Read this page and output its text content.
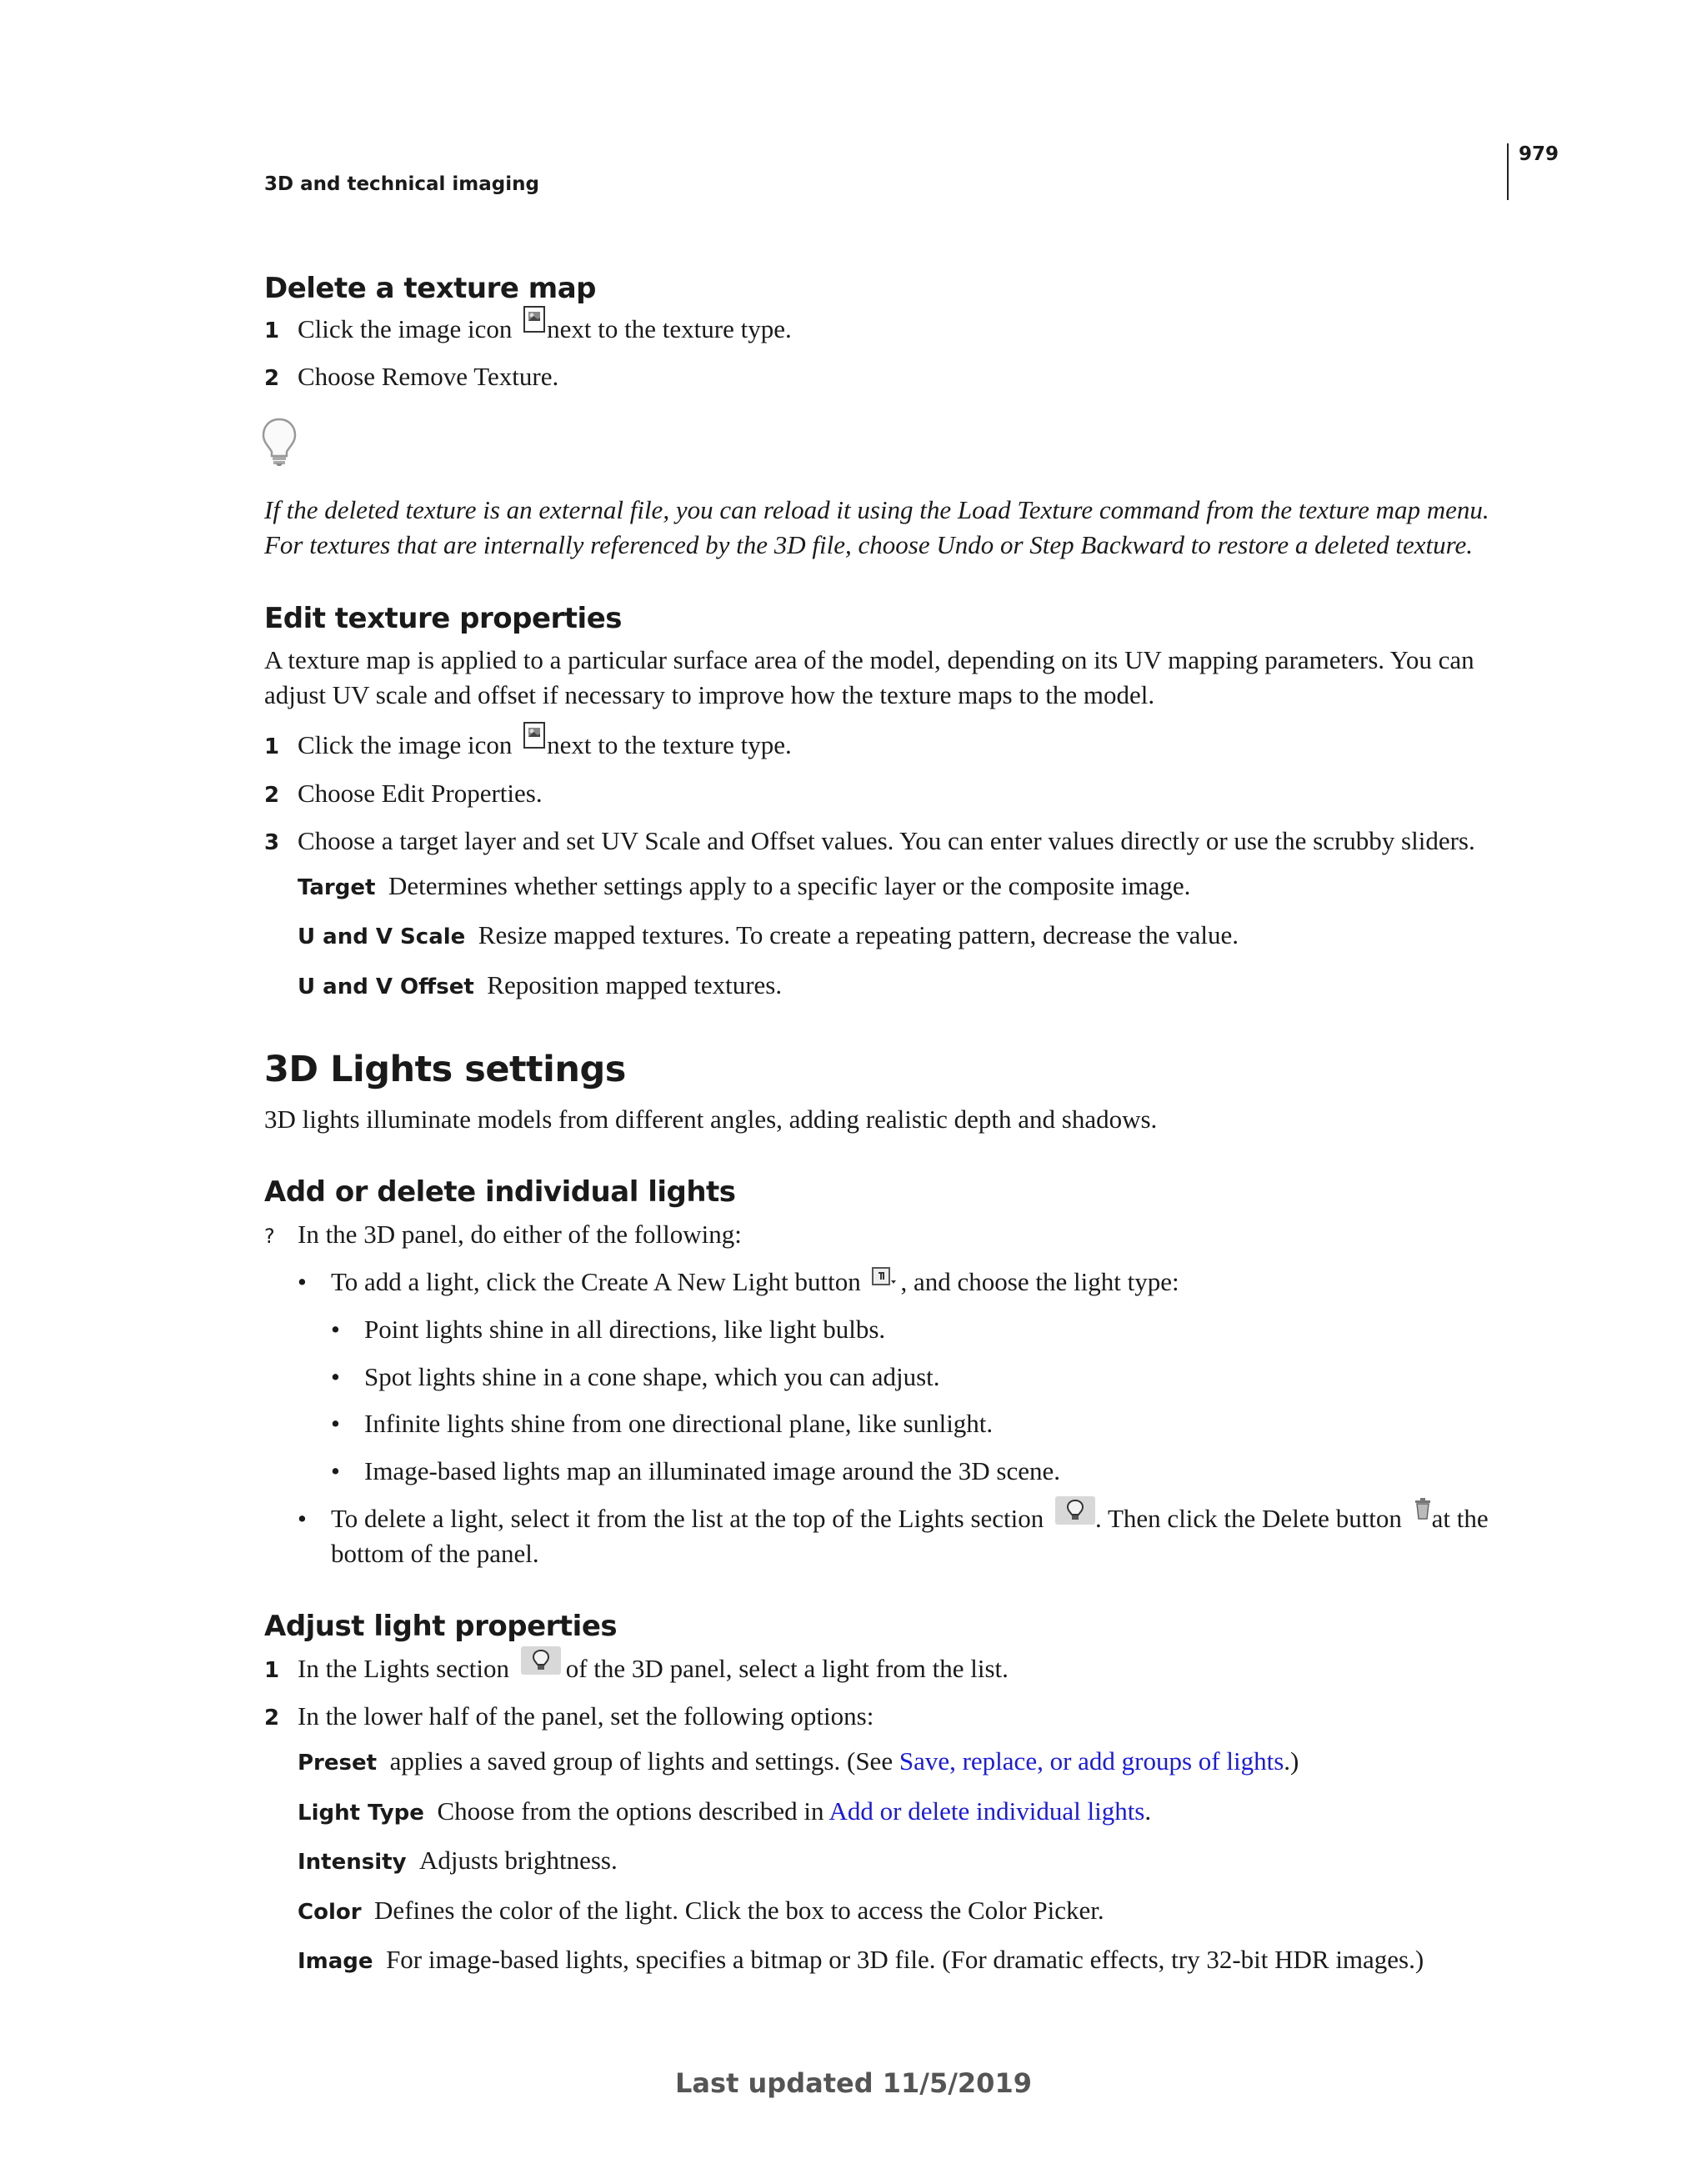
3D and technical imaging
979
Delete a texture map
1 Click the image icon next to the texture type.
2 Choose Remove Texture.
If the deleted texture is an external file, you can reload it using the Load Texture command from the texture map menu.
For textures that are internally referenced by the 3D file, choose Undo or Step Backward to restore a deleted texture.
Edit texture properties
A texture map is applied to a particular surface area of the model, depending on its UV mapping parameters. You can
adjust UV scale and offset if necessary to improve how the texture maps to the model.
1 Click the image icon next to the texture type.
2 Choose Edit Properties.
3 Choose a target layer and set UV Scale and Offset values. You can enter values directly or use the scrubby sliders.
Target Determines whether settings apply to a specific layer or the composite image.
U and V Scale Resize mapped textures. To create a repeating pattern, decrease the value.
U and V Offset Reposition mapped textures.
3D Lights settings
3D lights illuminate models from different angles, adding realistic depth and shadows.
Add or delete individual lights
? In the 3D panel, do either of the following:
• To add a light, click the Create A New Light button , and choose the light type:
• Point lights shine in all directions, like light bulbs.
• Spot lights shine in a cone shape, which you can adjust.
• Infinite lights shine from one directional plane, like sunlight.
• Image-based lights map an illuminated image around the 3D scene.
• To delete a light, select it from the list at the top of the Lights section . Then click the Delete button at the
bottom of the panel.
Adjust light properties
1 In the Lights section of the 3D panel, select a light from the list.
2 In the lower half of the panel, set the following options:
Preset applies a saved group of lights and settings. (See Save, replace, or add groups of lights.)
Light Type Choose from the options described in Add or delete individual lights.
Intensity Adjusts brightness.
Color Defines the color of the light. Click the box to access the Color Picker.
Image For image-based lights, specifies a bitmap or 3D file. (For dramatic effects, try 32-bit HDR images.)
Last updated 11/5/2019
